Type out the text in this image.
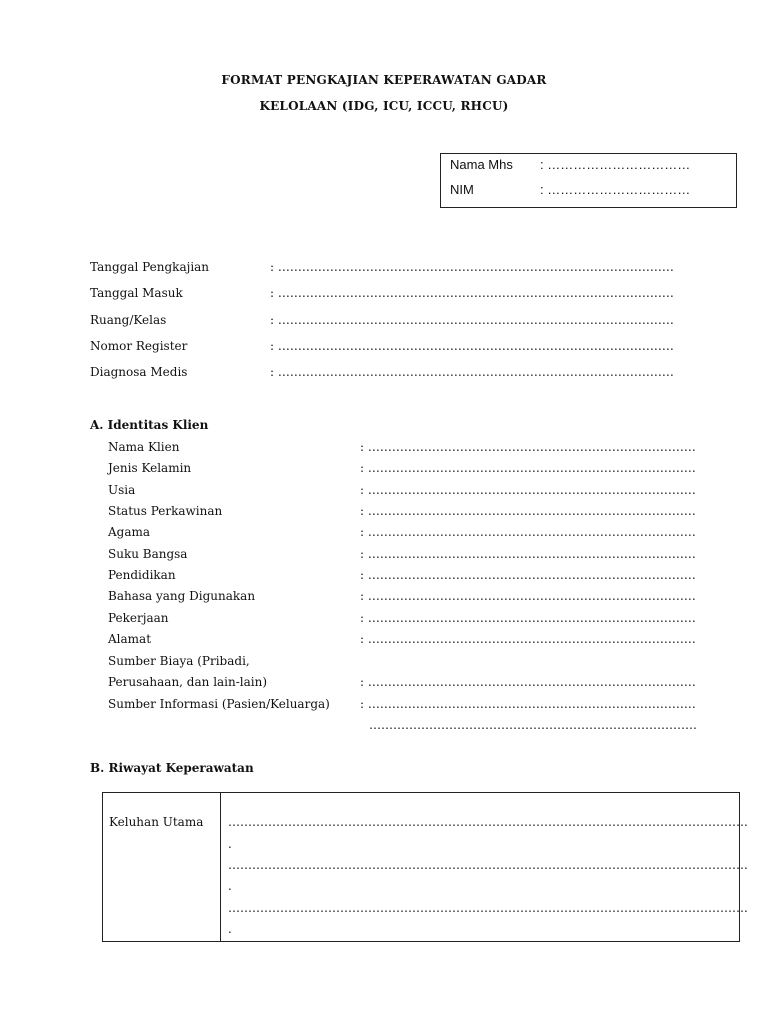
FORMAT PENGKAJIAN KEPERAWATAN GADAR
KELOLAAN (IDG, ICU, ICCU, RHCU)
Nama Mhs	: ……………………………
NIM	: ……………………………
Tanggal Pengkajian	: ………………………………………………………………………………………
Tanggal Masuk	: ………………………………………………………………………………………
Ruang/Kelas	: ………………………………………………………………………………………
Nomor Register	: ………………………………………………………………………………………
Diagnosa Medis	: ………………………………………………………………………………………
A. Identitas Klien
Nama Klien	: ……………………………………………………………………….
Jenis Kelamin	: ……………………………………………………………………….
Usia	: ……………………………………………………………………….
Status Perkawinan	: ……………………………………………………………………….
Agama	: ……………………………………………………………………….
Suku Bangsa	: ……………………………………………………………………….
Pendidikan	: ……………………………………………………………………….
Bahasa yang Digunakan	: ……………………………………………………………………….
Pekerjaan	: ……………………………………………………………………….
Alamat	: ……………………………………………………………………….
Sumber Biaya (Pribadi,
Perusahaan, dan lain-lain)	: ……………………………………………………………………….
Sumber Informasi (Pasien/Keluarga)	: ……………………………………………………………………….
……………………………………………………………………….
B. Riwayat Keperawatan
Keluhan Utama ………………………………………………………………………………………………………………….
.
………………………………………………………………………………………………………………….
.
………………………………………………………………………………………………………………….
.
